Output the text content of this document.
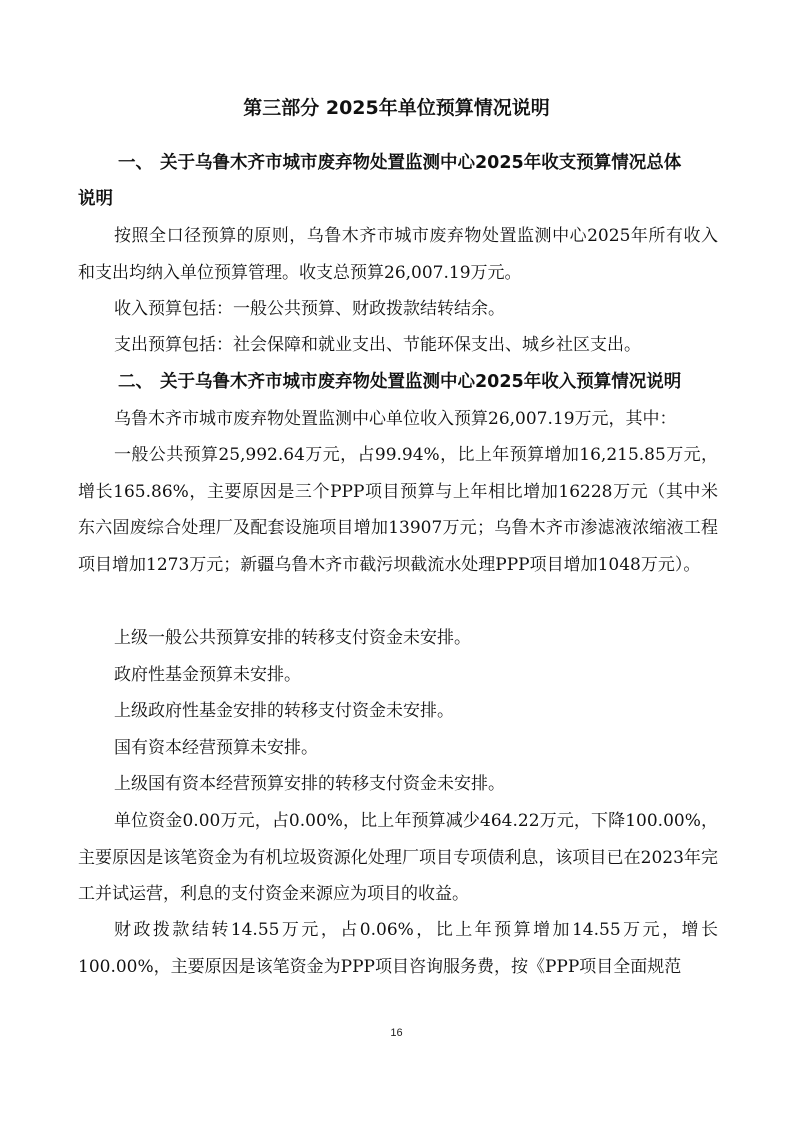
第三部分 2025年单位预算情况说明
一、 关于乌鲁木齐市城市废弃物处置监测中心2025年收支预算情况总体
说明
按照全口径预算的原则，乌鲁木齐市城市废弃物处置监测中心2025年所有收入和支出均纳入单位预算管理。收支总预算26,007.19万元。
收入预算包括：一般公共预算、财政拨款结转结余。
支出预算包括：社会保障和就业支出、节能环保支出、城乡社区支出。
二、 关于乌鲁木齐市城市废弃物处置监测中心2025年收入预算情况说明
乌鲁木齐市城市废弃物处置监测中心单位收入预算26,007.19万元，其中：
一般公共预算25,992.64万元，占99.94%，比上年预算增加16,215.85万元，增长165.86%，主要原因是三个PPP项目预算与上年相比增加16228万元（其中米东六固废综合处理厂及配套设施项目增加13907万元；乌鲁木齐市渗滤液浓缩液工程项目增加1273万元；新疆乌鲁木齐市截污坝截流水处理PPP项目增加1048万元）。
上级一般公共预算安排的转移支付资金未安排。
政府性基金预算未安排。
上级政府性基金安排的转移支付资金未安排。
国有资本经营预算未安排。
上级国有资本经营预算安排的转移支付资金未安排。
单位资金0.00万元，占0.00%，比上年预算减少464.22万元，下降100.00%，主要原因是该笔资金为有机垃圾资源化处理厂项目专项债利息，该项目已在2023年完工并试运营，利息的支付资金来源应为项目的收益。
财政拨款结转14.55万元，占0.06%，比上年预算增加14.55万元，增长100.00%，主要原因是该笔资金为PPP项目咨询服务费，按《PPP项目全面规范
16
